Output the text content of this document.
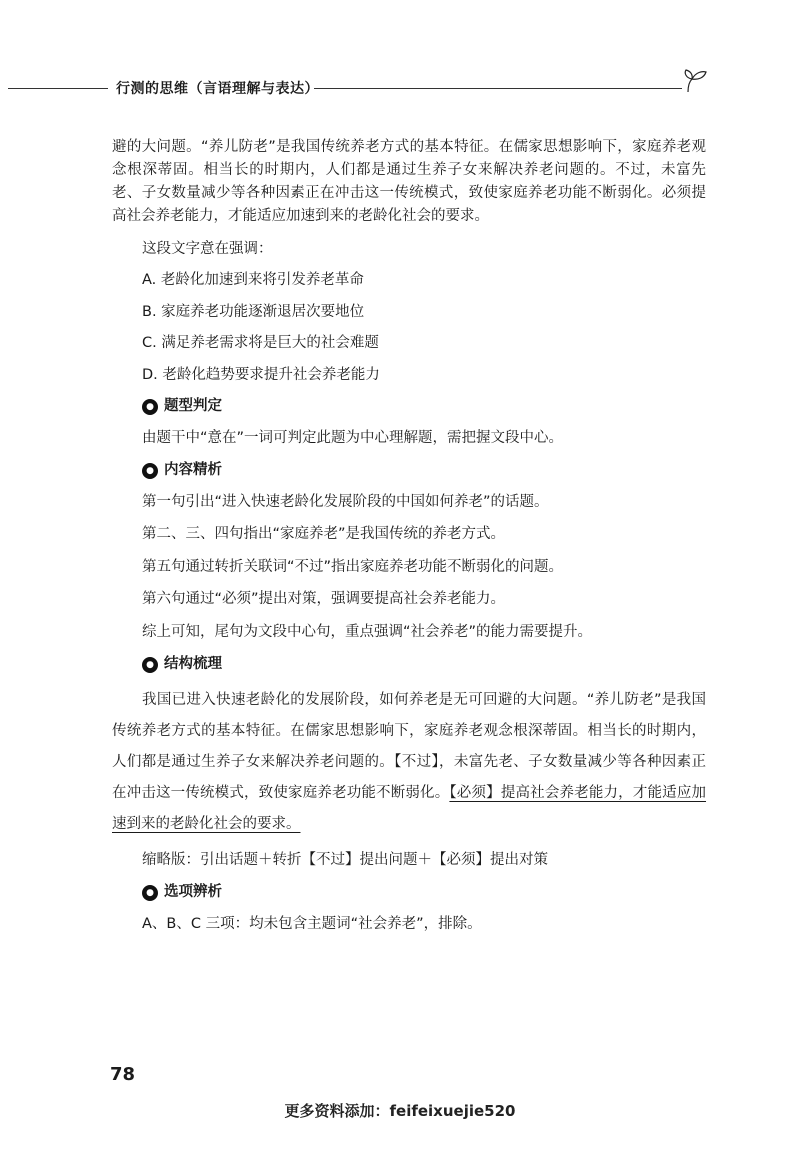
行测的思维（言语理解与表达）

避的大问题。“养儿防老”是我国传统养老方式的基本特征。在儒家思想影响下，家庭养老观念根深蒂固。相当长的时期内，人们都是通过生养子女来解决养老问题的。不过，未富先老、子女数量减少等各种因素正在冲击这一传统模式，致使家庭养老功能不断弱化。必须提高社会养老能力，才能适应加速到来的老龄化社会的要求。

这段文字意在强调：

A. 老龄化加速到来将引发养老革命

B. 家庭养老功能逐渐退居次要地位

C. 满足养老需求将是巨大的社会难题

D. 老龄化趋势要求提升社会养老能力

● 题型判定

由题干中“意在”一词可判定此题为中心理解题，需把握文段中心。

● 内容精析

第一句引出“进入快速老龄化发展阶段的中国如何养老”的话题。

第二、三、四句指出“家庭养老”是我国传统的养老方式。

第五句通过转折关联词“不过”指出家庭养老功能不断弱化的问题。

第六句通过“必须”提出对策，强调要提高社会养老能力。

综上可知，尾句为文段中心句，重点强调“社会养老”的能力需要提升。

● 结构梳理

我国已进入快速老龄化的发展阶段，如何养老是无可回避的大问题。“养儿防老”是我国传统养老方式的基本特征。在儒家思想影响下，家庭养老观念根深蒂固。相当长的时期内，人们都是通过生养子女来解决养老问题的。【不过】，未富先老、子女数量减少等各种因素正在冲击这一传统模式，致使家庭养老功能不断弱化。【必须】提高社会养老能力，才能适应加速到来的老龄化社会的要求。

缩略版：引出话题＋转折【不过】提出问题＋【必须】提出对策

● 选项辨析

A、B、C 三项：均未包含主题词“社会养老”，排除。

78
更多资料添加：feifeixuejie520
